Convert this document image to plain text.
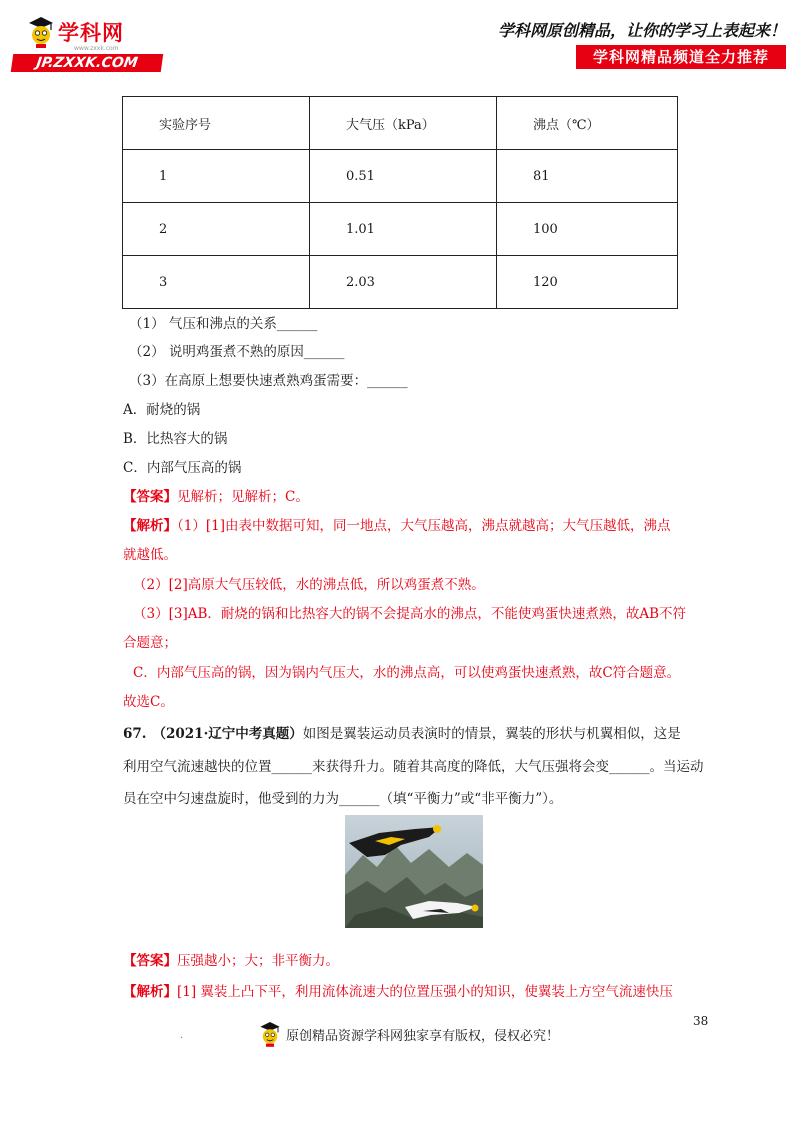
学科网
www.zxxk.com
JP.ZXXK.COM
学科网原创精品，让你的学习上表起来！
学科网精品频道全力推荐
实验序号	大气压（kPa）	沸点（℃）
1	0.51	81
2	1.01	100
3	2.03	120
（1） 气压和沸点的关系______
（2） 说明鸡蛋煮不熟的原因______
（3）在高原上想要快速煮熟鸡蛋需要：______
A．耐烧的锅
B．比热容大的锅
C．内部气压高的锅
【答案】见解析；见解析；C。
【解析】（1）[1]由表中数据可知，同一地点，大气压越高，沸点就越高；大气压越低，沸点
就越低。
（2）[2]高原大气压较低，水的沸点低，所以鸡蛋煮不熟。
（3）[3]AB．耐烧的锅和比热容大的锅不会提高水的沸点，不能使鸡蛋快速煮熟，故AB不符
合题意；
C．内部气压高的锅，因为锅内气压大，水的沸点高，可以使鸡蛋快速煮熟，故C符合题意。
故选C。
67. （2021·辽宁中考真题）如图是翼装运动员表演时的情景，翼装的形状与机翼相似，这是
利用空气流速越快的位置______来获得升力。随着其高度的降低，大气压强将会变______。当运动
员在空中匀速盘旋时，他受到的力为______（填“平衡力”或“非平衡力”）。
【答案】压强越小；大；非平衡力。
【解析】[1] 翼装上凸下平，利用流体流速大的位置压强小的知识，使翼装上方空气流速快压
38
.	原创精品资源学科网独家享有版权，侵权必究！
